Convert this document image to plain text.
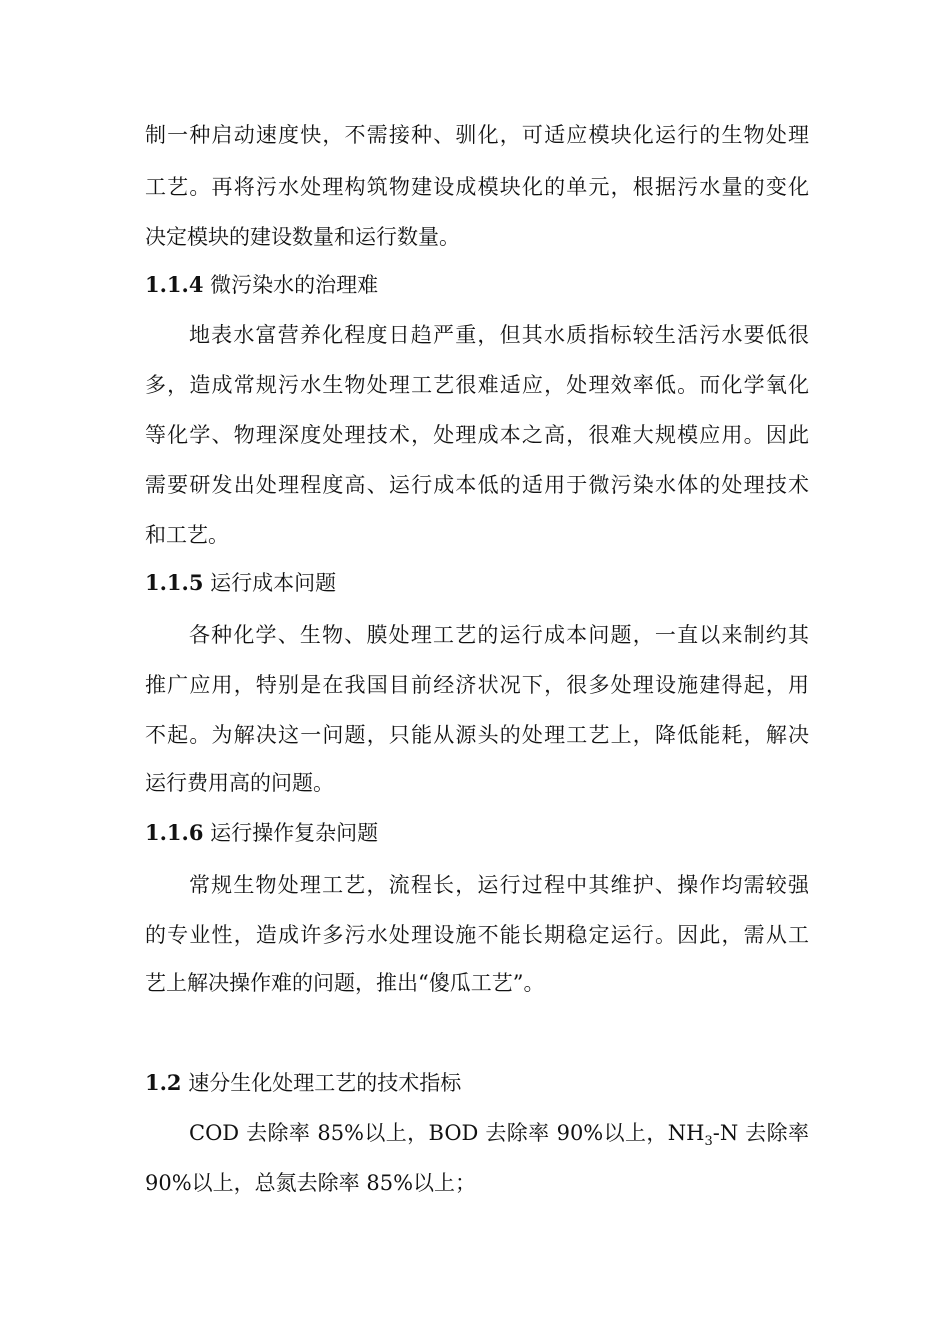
制一种启动速度快，不需接种、驯化，可适应模块化运行的生物处理
工艺。再将污水处理构筑物建设成模块化的单元，根据污水量的变化
决定模块的建设数量和运行数量。
1.1.4 微污染水的治理难
地表水富营养化程度日趋严重，但其水质指标较生活污水要低很
多，造成常规污水生物处理工艺很难适应，处理效率低。而化学氧化
等化学、物理深度处理技术，处理成本之高，很难大规模应用。因此
需要研发出处理程度高、运行成本低的适用于微污染水体的处理技术
和工艺。
1.1.5 运行成本问题
各种化学、生物、膜处理工艺的运行成本问题，一直以来制约其
推广应用，特别是在我国目前经济状况下，很多处理设施建得起，用
不起。为解决这一问题，只能从源头的处理工艺上，降低能耗，解决
运行费用高的问题。
1.1.6 运行操作复杂问题
常规生物处理工艺，流程长，运行过程中其维护、操作均需较强
的专业性，造成许多污水处理设施不能长期稳定运行。因此，需从工
艺上解决操作难的问题，推出“傻瓜工艺”。
1.2 速分生化处理工艺的技术指标
COD 去除率 85%以上，BOD 去除率 90%以上，$NH_3-N$ 去除率
90%以上，总氮去除率 85%以上；
